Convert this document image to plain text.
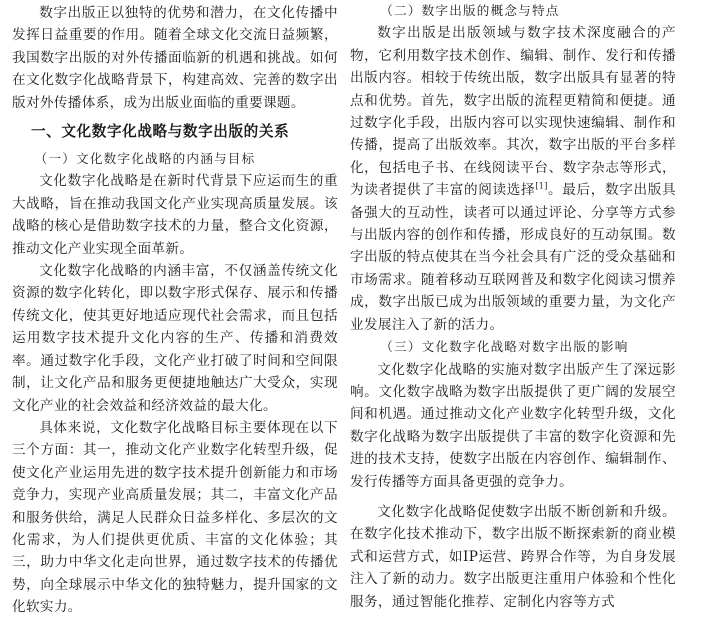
数字出版正以独特的优势和潜力，在文化传播中发挥日益重要的作用。随着全球文化交流日益频繁，我国数字出版的对外传播面临新的机遇和挑战。如何在文化数字化战略背景下，构建高效、完善的数字出版对外传播体系，成为出版业面临的重要课题。

一、文化数字化战略与数字出版的关系
（一）文化数字化战略的内涵与目标

文化数字化战略是在新时代背景下应运而生的重大战略，旨在推动我国文化产业实现高质量发展。该战略的核心是借助数字技术的力量，整合文化资源，推动文化产业实现全面革新。

文化数字化战略的内涵丰富，不仅涵盖传统文化资源的数字化转化，即以数字形式保存、展示和传播传统文化，使其更好地适应现代社会需求，而且包括运用数字技术提升文化内容的生产、传播和消费效率。通过数字化手段，文化产业打破了时间和空间限制，让文化产品和服务更便捷地触达广大受众，实现文化产业的社会效益和经济效益的最大化。

具体来说，文化数字化战略目标主要体现在以下三个方面：其一，推动文化产业数字化转型升级，促使文化产业运用先进的数字技术提升创新能力和市场竞争力，实现产业高质量发展；其二，丰富文化产品和服务供给，满足人民群众日益多样化、多层次的文化需求，为人们提供更优质、丰富的文化体验；其三，助力中华文化走向世界，通过数字技术的传播优势，向全球展示中华文化的独特魅力，提升国家的文化软实力。

（二）数字出版的概念与特点

数字出版是出版领域与数字技术深度融合的产物，它利用数字技术创作、编辑、制作、发行和传播出版内容。相较于传统出版，数字出版具有显著的特点和优势。首先，数字出版的流程更精简和便捷。通过数字化手段，出版内容可以实现快速编辑、制作和传播，提高了出版效率。其次，数字出版的平台多样化，包括电子书、在线阅读平台、数字杂志等形式，为读者提供了丰富的阅读选择[1]。最后，数字出版具备强大的互动性，读者可以通过评论、分享等方式参与出版内容的创作和传播，形成良好的互动氛围。数字出版的特点使其在当今社会具有广泛的受众基础和市场需求。随着移动互联网普及和数字化阅读习惯养成，数字出版已成为出版领域的重要力量，为文化产业发展注入了新的活力。

（三）文化数字化战略对数字出版的影响

文化数字化战略的实施对数字出版产生了深远影响。文化数字战略为数字出版提供了更广阔的发展空间和机遇。通过推动文化产业数字化转型升级，文化数字化战略为数字出版提供了丰富的数字化资源和先进的技术支持，使数字出版在内容创作、编辑制作、发行传播等方面具备更强的竞争力。

文化数字化战略促使数字出版不断创新和升级。在数字化技术推动下，数字出版不断探索新的商业模式和运营方式，如IP运营、跨界合作等，为自身发展注入了新的动力。数字出版更注重用户体验和个性化服务，通过智能化推荐、定制化内容等方式
